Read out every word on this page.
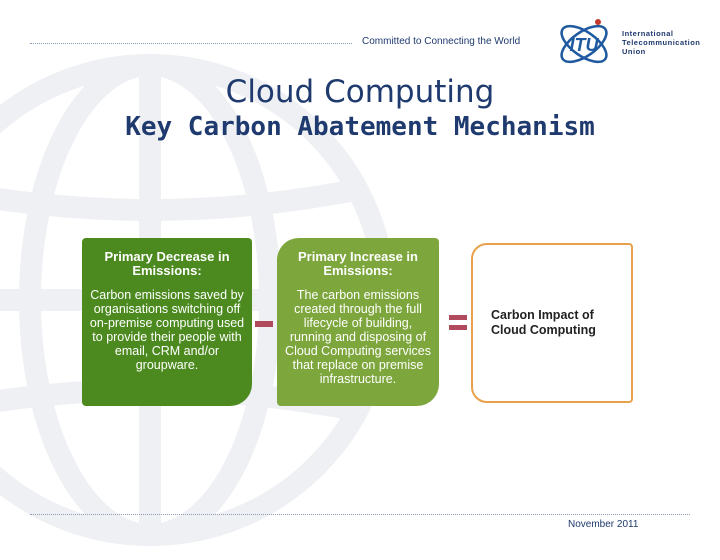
Committed to Connecting the World	ITU
International
Telecommunication
Union
Cloud Computing
Key Carbon Abatement Mechanism
Primary Decrease in Emissions:
Carbon emissions saved by organisations switching off on-premise computing used to provide their people with email, CRM and/or groupware.
Primary Increase in Emissions:
The carbon emissions created through the full lifecycle of building, running and disposing of Cloud Computing services that replace on premise infrastructure.
Carbon Impact of Cloud Computing
November 2011
